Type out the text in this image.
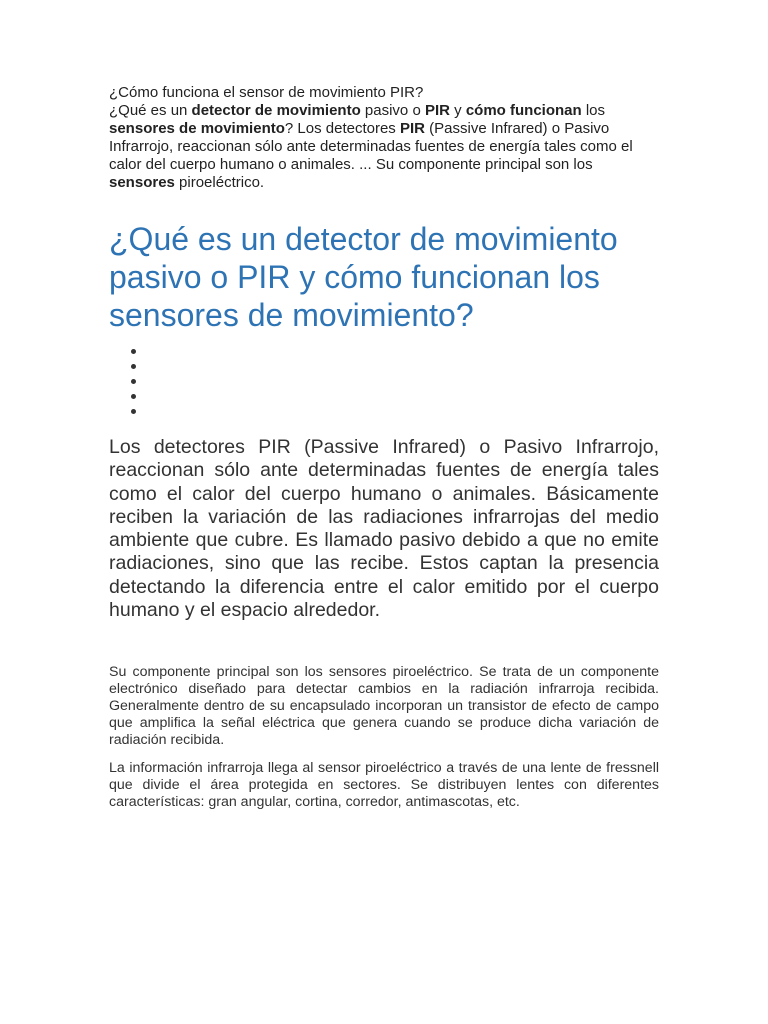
¿Cómo funciona el sensor de movimiento PIR?
¿Qué es un detector de movimiento pasivo o PIR y cómo funcionan los sensores de movimiento? Los detectores PIR (Passive Infrared) o Pasivo Infrarrojo, reaccionan sólo ante determinadas fuentes de energía tales como el calor del cuerpo humano o animales. ... Su componente principal son los sensores piroeléctrico.

¿Qué es un detector de movimiento pasivo o PIR y cómo funcionan los sensores de movimiento?

Los detectores PIR (Passive Infrared) o Pasivo Infrarrojo, reaccionan sólo ante determinadas fuentes de energía tales como el calor del cuerpo humano o animales. Básicamente reciben la variación de las radiaciones infrarrojas del medio ambiente que cubre. Es llamado pasivo debido a que no emite radiaciones, sino que las recibe. Estos captan la presencia detectando la diferencia entre el calor emitido por el cuerpo humano y el espacio alrededor.

Su componente principal son los sensores piroeléctrico. Se trata de un componente electrónico diseñado para detectar cambios en la radiación infrarroja recibida. Generalmente dentro de su encapsulado incorporan un transistor de efecto de campo que amplifica la señal eléctrica que genera cuando se produce dicha variación de radiación recibida.

La información infrarroja llega al sensor piroeléctrico a través de una lente de fressnell que divide el área protegida en sectores. Se distribuyen lentes con diferentes características: gran angular, cortina, corredor, antimascotas, etc.
